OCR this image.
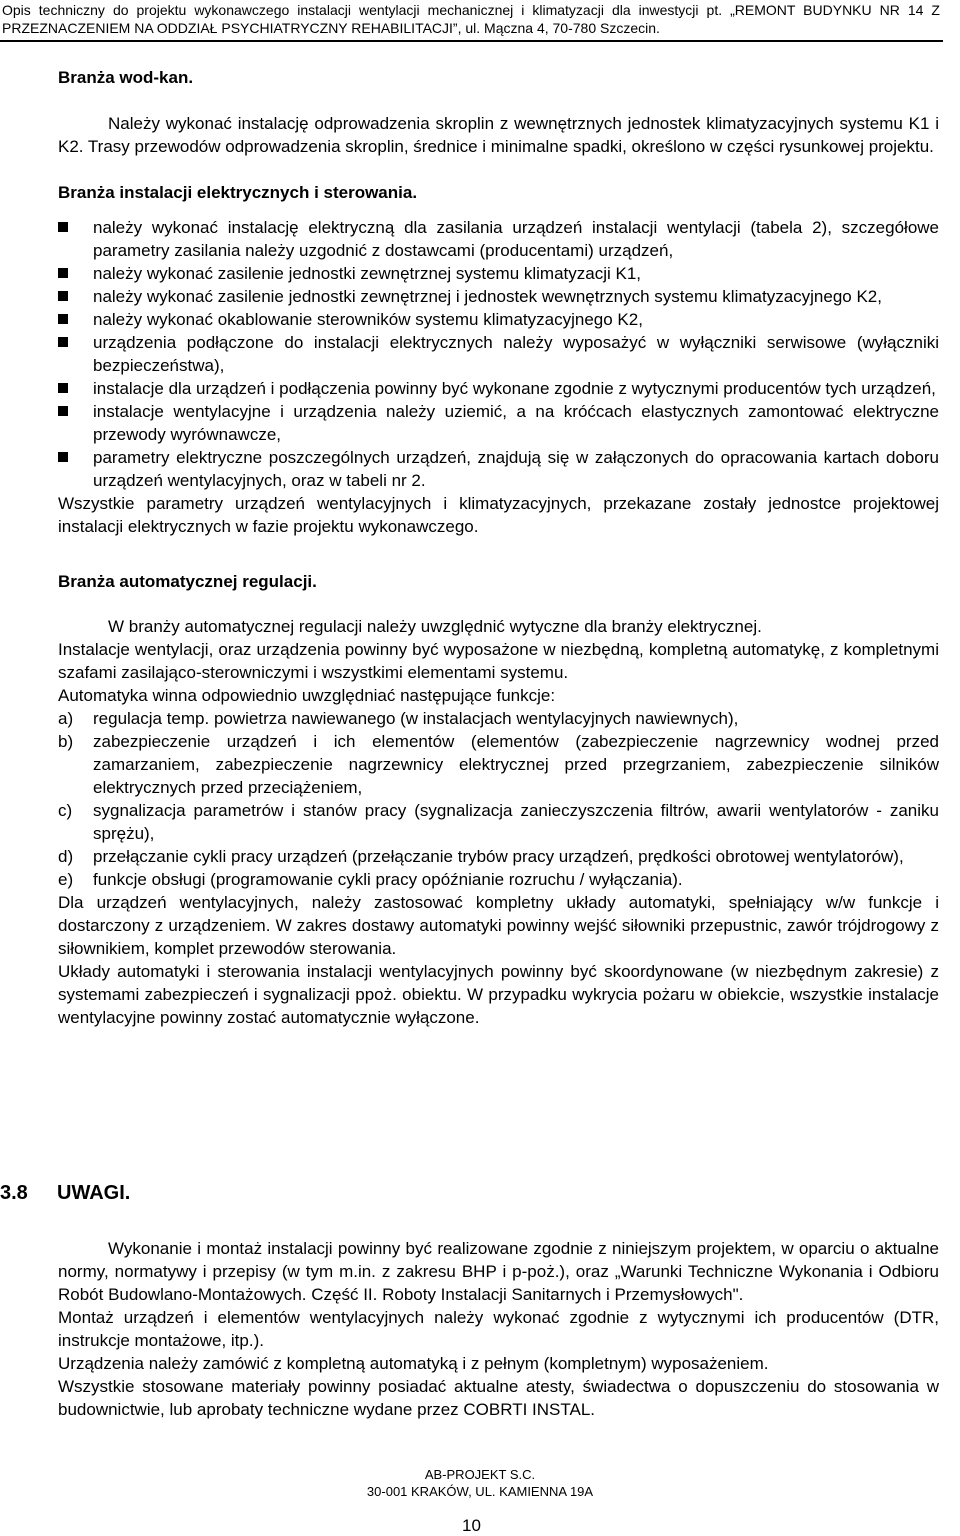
Opis techniczny do projektu wykonawczego instalacji wentylacji mechanicznej i klimatyzacji dla inwestycji pt. „REMONT BUDYNKU NR 14 Z
PRZEZNACZENIEM NA ODDZIAŁ PSYCHIATRYCZNY REHABILITACJI”, ul. Mączna 4, 70-780 Szczecin.
Branża wod-kan.

Należy wykonać instalację odprowadzenia skroplin z wewnętrznych jednostek klimatyzacyjnych systemu K1 i K2. Trasy przewodów odprowadzenia skroplin, średnice i minimalne spadki, określono w części rysunkowej projektu.

Branża instalacji elektrycznych i sterowania.
należy wykonać instalację elektryczną dla zasilania urządzeń instalacji wentylacji (tabela 2), szczegółowe parametry zasilania należy uzgodnić z dostawcami (producentami) urządzeń,
należy wykonać zasilenie jednostki zewnętrznej systemu klimatyzacji K1,
należy wykonać zasilenie jednostki zewnętrznej i jednostek wewnętrznych systemu klimatyzacyjnego K2,
należy wykonać okablowanie sterowników systemu klimatyzacyjnego K2,
urządzenia podłączone do instalacji elektrycznych należy wyposażyć w wyłączniki serwisowe (wyłączniki bezpieczeństwa),
instalacje dla urządzeń i podłączenia powinny być wykonane zgodnie z wytycznymi producentów tych urządzeń,
instalacje wentylacyjne i urządzenia należy uziemić, a na króćcach elastycznych zamontować elektryczne przewody wyrównawcze,
parametry elektryczne poszczególnych urządzeń, znajdują się w załączonych do opracowania kartach doboru urządzeń wentylacyjnych, oraz w tabeli nr 2.

Wszystkie parametry urządzeń wentylacyjnych i klimatyzacyjnych, przekazane zostały jednostce projektowej instalacji elektrycznych w fazie projektu wykonawczego.

Branża automatycznej regulacji.

W branży automatycznej regulacji należy uwzględnić wytyczne dla branży elektrycznej.

Instalacje wentylacji, oraz urządzenia powinny być wyposażone w niezbędną, kompletną automatykę, z kompletnymi szafami zasilająco-sterowniczymi i wszystkimi elementami systemu.

Automatyka winna odpowiednio uwzględniać następujące funkcje:

a) regulacja temp. powietrza nawiewanego (w instalacjach wentylacyjnych nawiewnych),
b) zabezpieczenie urządzeń i ich elementów (elementów (zabezpieczenie nagrzewnicy wodnej przed zamarzaniem, zabezpieczenie nagrzewnicy elektrycznej przed przegrzaniem, zabezpieczenie silników elektrycznych przed przeciążeniem,
c) sygnalizacja parametrów i stanów pracy (sygnalizacja zanieczyszczenia filtrów, awarii wentylatorów - zaniku sprężu),
d) przełączanie cykli pracy urządzeń (przełączanie trybów pracy urządzeń, prędkości obrotowej wentylatorów),
e) funkcje obsługi (programowanie cykli pracy opóźnianie rozruchu / wyłączania).

Dla urządzeń wentylacyjnych, należy zastosować kompletny układy automatyki, spełniający w/w funkcje i dostarczony z urządzeniem. W zakres dostawy automatyki powinny wejść siłowniki przepustnic, zawór trójdrogowy z siłownikiem, komplet przewodów sterowania.

Układy automatyki i sterowania instalacji wentylacyjnych powinny być skoordynowane (w niezbędnym zakresie) z systemami zabezpieczeń i sygnalizacji ppoż. obiektu. W przypadku wykrycia pożaru w obiekcie, wszystkie instalacje wentylacyjne powinny zostać automatycznie wyłączone.

3.8 UWAGI.

Wykonanie i montaż instalacji powinny być realizowane zgodnie z niniejszym projektem, w oparciu o aktualne normy, normatywy i przepisy (w tym m.in. z zakresu BHP i p-poż.), oraz „Warunki Techniczne Wykonania i Odbioru Robót Budowlano-Montażowych. Część II. Roboty Instalacji Sanitarnych i Przemysłowych".

Montaż urządzeń i elementów wentylacyjnych należy wykonać zgodnie z wytycznymi ich producentów (DTR, instrukcje montażowe, itp.).

Urządzenia należy zamówić z kompletną automatyką i z pełnym (kompletnym) wyposażeniem.

Wszystkie stosowane materiały powinny posiadać aktualne atesty, świadectwa o dopuszczeniu do stosowania w budownictwie, lub aprobaty techniczne wydane przez COBRTI INSTAL.

AB-PROJEKT S.C.
30-001 KRAKÓW, UL. KAMIENNA 19A
10
